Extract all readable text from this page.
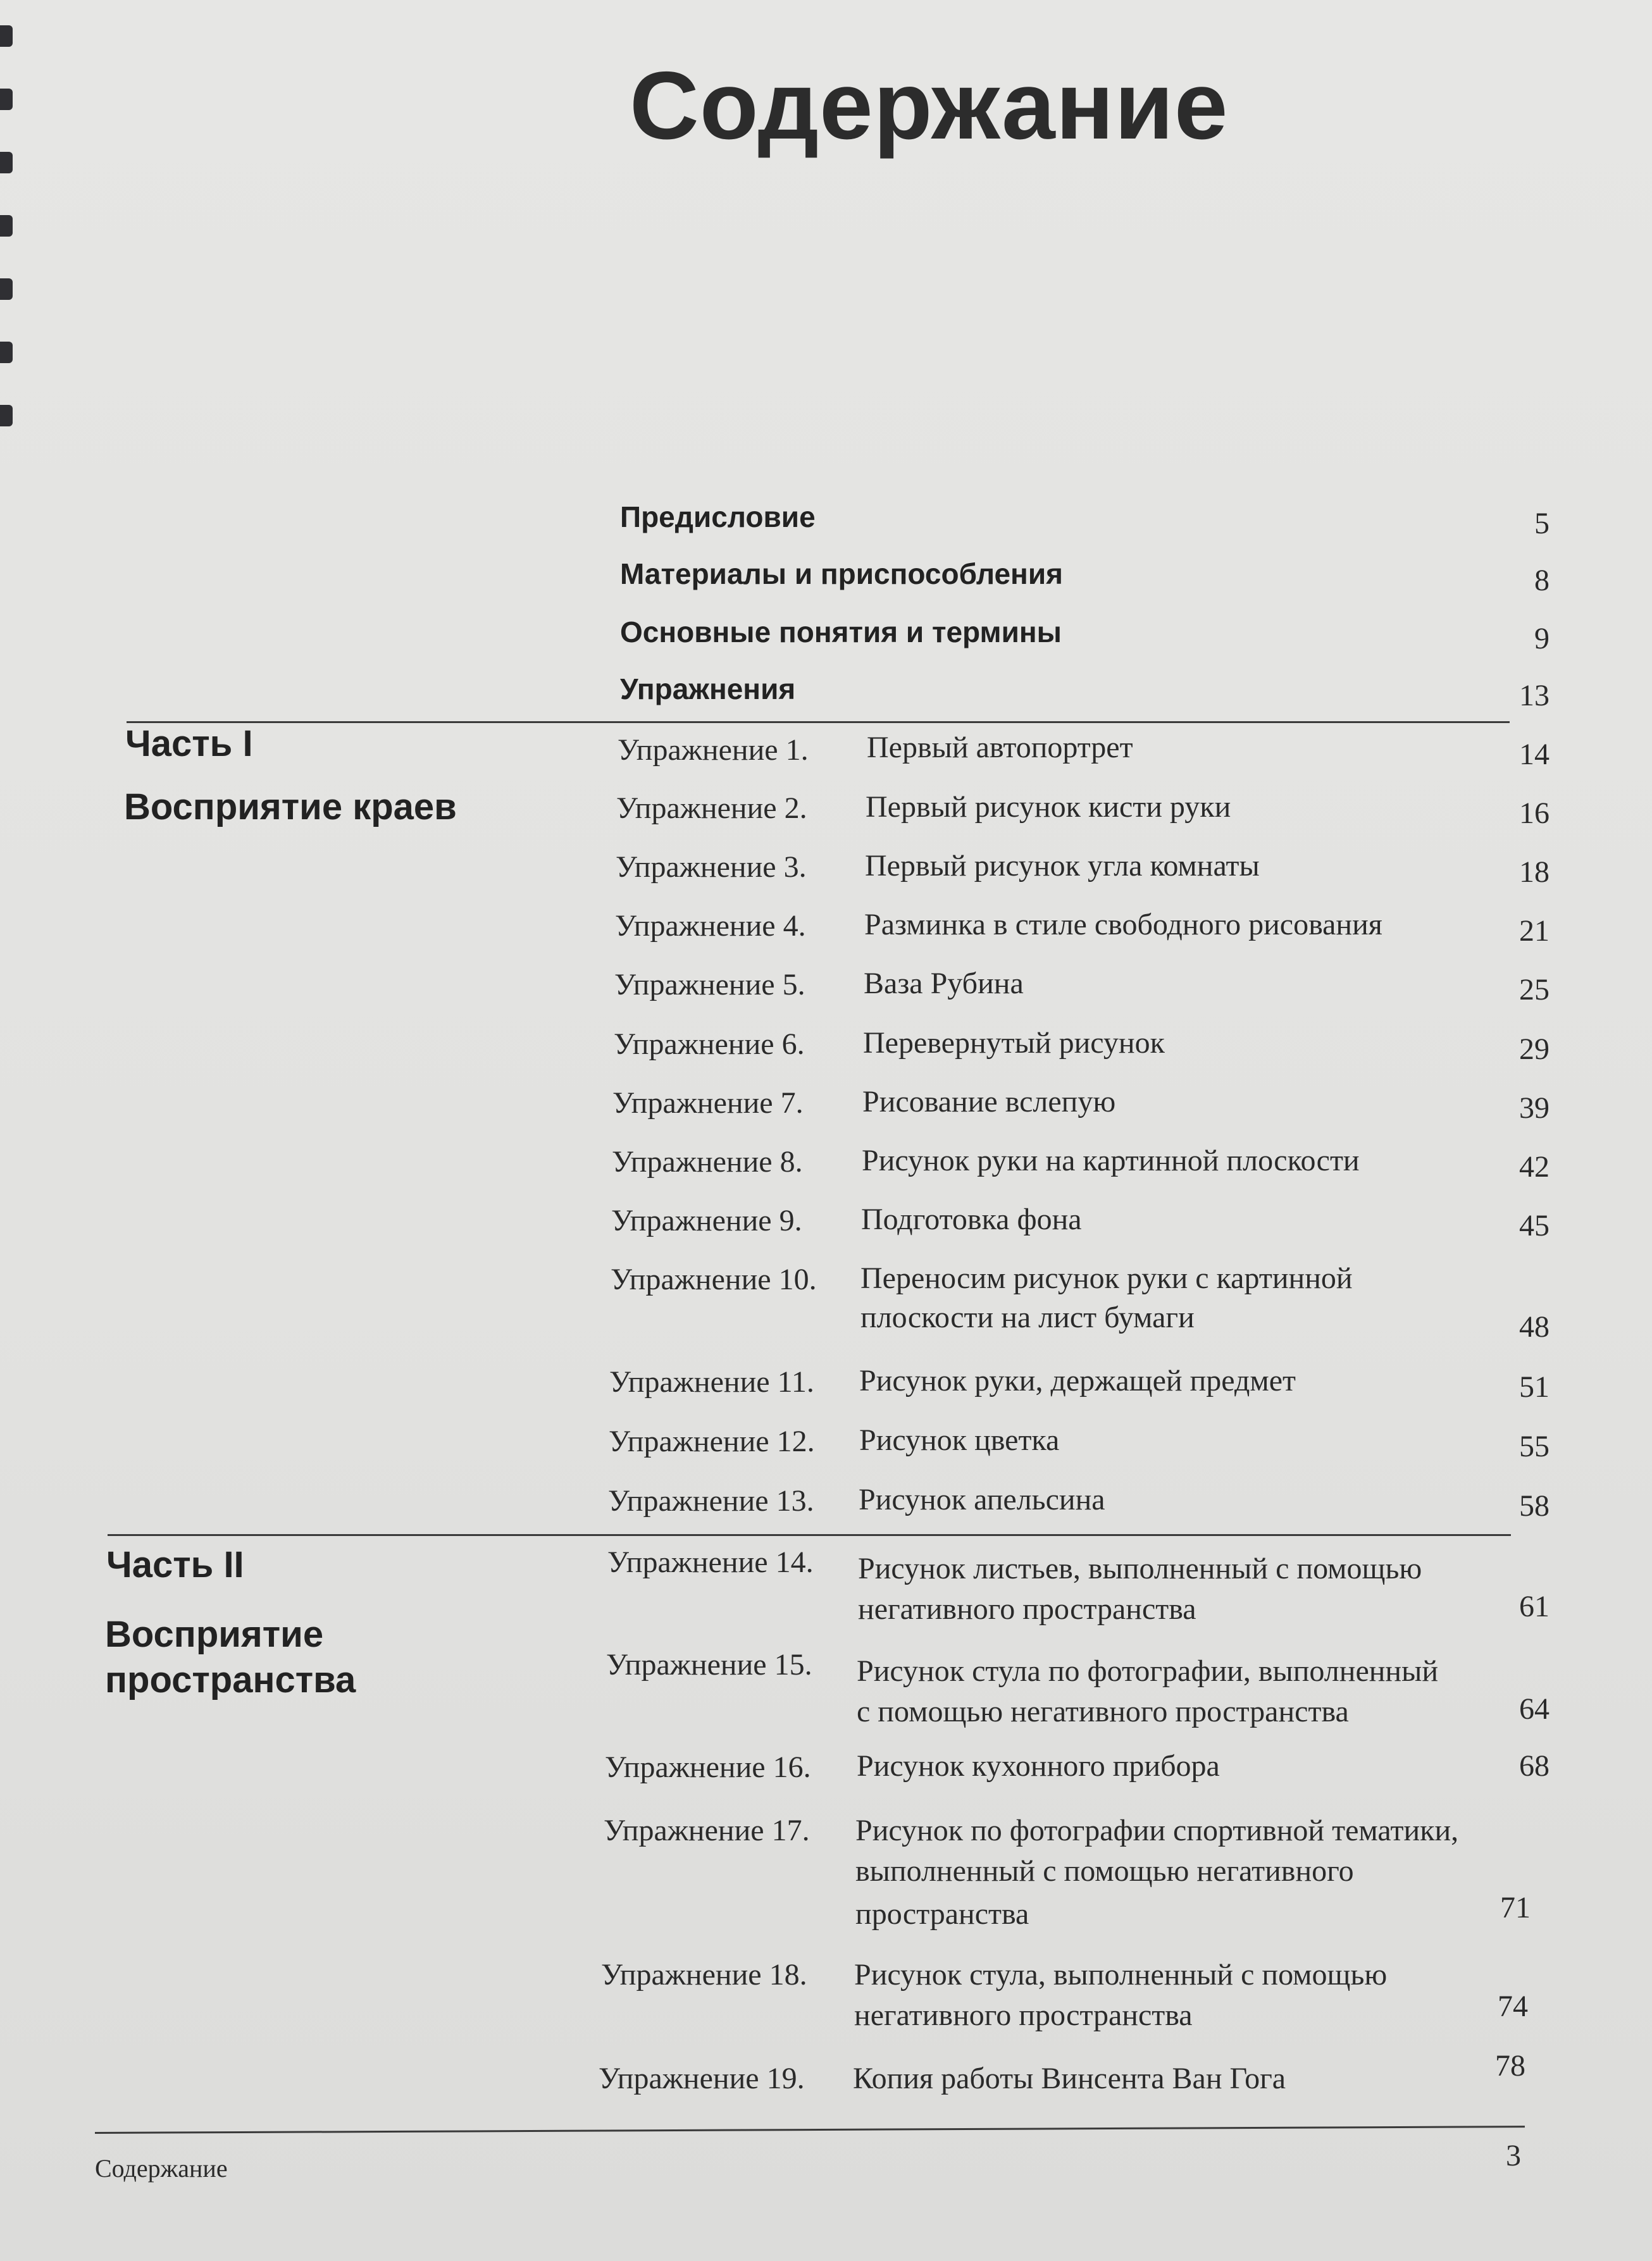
Содержание
Предисловие	5
Материалы и приспособления	8
Основные понятия и термины	9
Упражнения	13
Часть I
Восприятие краев
Упражнение 1. Первый автопортрет	14
Упражнение 2. Первый рисунок кисти руки	16
Упражнение 3. Первый рисунок угла комнаты	18
Упражнение 4. Разминка в стиле свободного рисования	21
Упражнение 5. Ваза Рубина	25
Упражнение 6. Перевернутый рисунок	29
Упражнение 7. Рисование вслепую	39
Упражнение 8. Рисунок руки на картинной плоскости	42
Упражнение 9. Подготовка фона	45
Упражнение 10. Переносим рисунок руки с картинной
плоскости на лист бумаги	48
Упражнение 11. Рисунок руки, держащей предмет	51
Упражнение 12. Рисунок цветка	55
Упражнение 13. Рисунок апельсина	58
Часть II
Восприятие
пространства
Упражнение 14. Рисунок листьев, выполненный с помощью
негативного пространства	61
Упражнение 15. Рисунок стула по фотографии, выполненный
с помощью негативного пространства	64
Упражнение 16. Рисунок кухонного прибора	68
Упражнение 17. Рисунок по фотографии спортивной тематики,
выполненный с помощью негативного
пространства	71
Упражнение 18. Рисунок стула, выполненный с помощью
негативного пространства	74
Упражнение 19. Копия работы Винсента Ван Гога	78
Содержание	3
